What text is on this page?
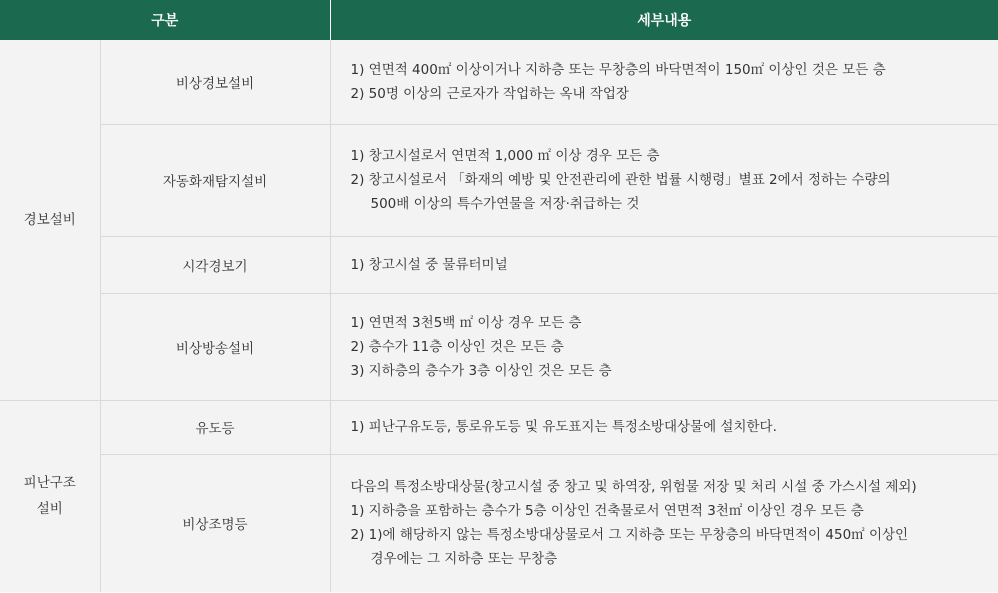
구분		세부내용

경보설비	비상경보설비	1) 연면적 400㎡ 이상이거나 지하층 또는 무창층의 바닥면적이 150㎡ 이상인 것은 모든 층
2) 50명 이상의 근로자가 작업하는 옥내 작업장

	자동화재탐지설비	1) 창고시설로서 연면적 1,000 ㎡ 이상 경우 모든 층
2) 창고시설로서 「화재의 예방 및 안전관리에 관한 법률 시행령」별표 2에서 정하는 수량의
500배 이상의 특수가연물을 저장·취급하는 것

	시각경보기	1) 창고시설 중 물류터미널

	비상방송설비	1) 연면적 3천5백 ㎡ 이상 경우 모든 층
2) 층수가 11층 이상인 것은 모든 층
3) 지하층의 층수가 3층 이상인 것은 모든 층

피난구조
설비	유도등	1) 피난구유도등, 통로유도등 및 유도표지는 특정소방대상물에 설치한다.

	비상조명등	다음의 특정소방대상물(창고시설 중 창고 및 하역장, 위험물 저장 및 처리 시설 중 가스시설 제외)
1) 지하층을 포함하는 층수가 5층 이상인 건축물로서 연면적 3천㎡ 이상인 경우 모든 층
2) 1)에 해당하지 않는 특정소방대상물로서 그 지하층 또는 무창층의 바닥면적이 450㎡ 이상인
경우에는 그 지하층 또는 무창층
